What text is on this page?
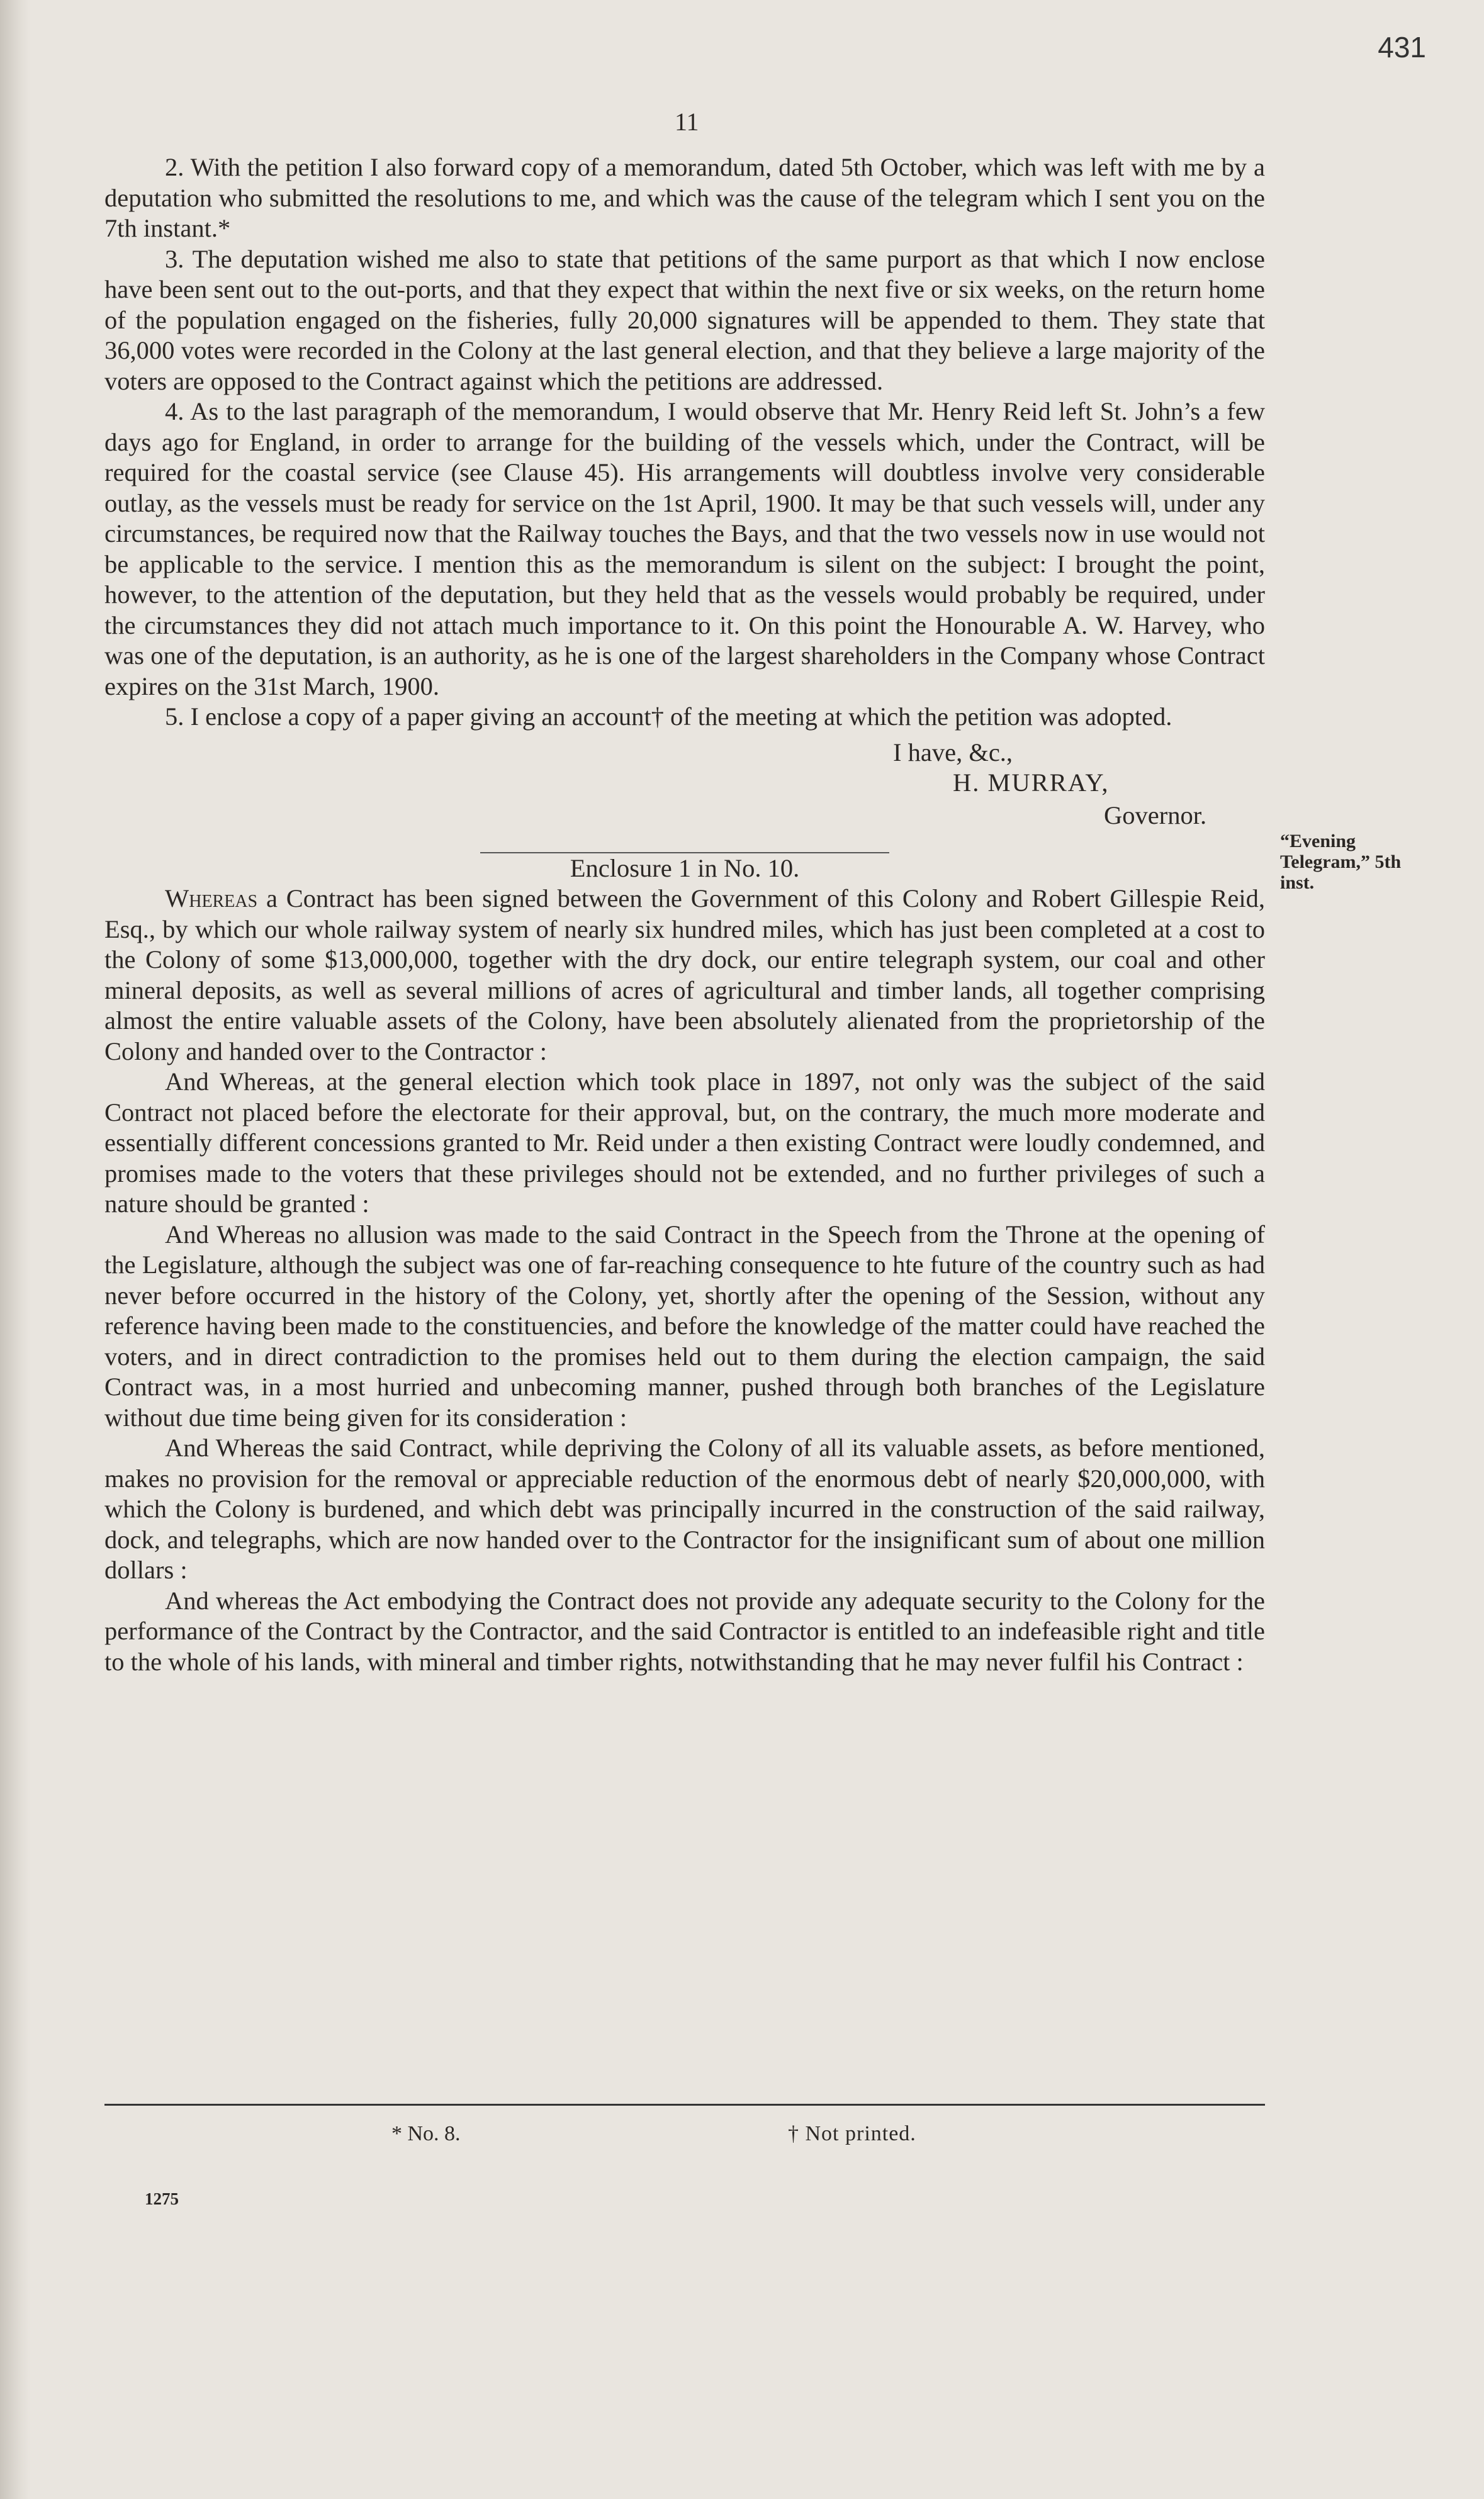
431
11

2. With the petition I also forward copy of a memorandum, dated 5th October, which was left with me by a deputation who submitted the resolutions to me, and which was the cause of the telegram which I sent you on the 7th instant.*

3. The deputation wished me also to state that petitions of the same purport as that which I now enclose have been sent out to the out-ports, and that they expect that within the next five or six weeks, on the return home of the population engaged on the fisheries, fully 20,000 signatures will be appended to them. They state that 36,000 votes were recorded in the Colony at the last general election, and that they believe a large majority of the voters are opposed to the Contract against which the petitions are addressed.

4. As to the last paragraph of the memorandum, I would observe that Mr. Henry Reid left St. John’s a few days ago for England, in order to arrange for the building of the vessels which, under the Contract, will be required for the coastal service (see Clause 45). His arrangements will doubtless involve very considerable outlay, as the vessels must be ready for service on the 1st April, 1900. It may be that such vessels will, under any circumstances, be required now that the Railway touches the Bays, and that the two vessels now in use would not be applicable to the service. I mention this as the memorandum is silent on the subject: I brought the point, however, to the attention of the deputation, but they held that as the vessels would probably be required, under the circumstances they did not attach much importance to it. On this point the Honourable A. W. Harvey, who was one of the deputation, is an authority, as he is one of the largest shareholders in the Company whose Contract expires on the 31st March, 1900.

5. I enclose a copy of a paper giving an account† of the meeting at which the petition was adopted.

I have, &c.,
H. MURRAY,
Governor.

Enclosure 1 in No. 10.

Whereas a Contract has been signed between the Government of this Colony and Robert Gillespie Reid, Esq., by which our whole railway system of nearly six hundred miles, which has just been completed at a cost to the Colony of some $13,000,000, together with the dry dock, our entire telegraph system, our coal and other mineral deposits, as well as several millions of acres of agricultural and timber lands, all together comprising almost the entire valuable assets of the Colony, have been absolutely alienated from the proprietorship of the Colony and handed over to the Contractor :

And Whereas, at the general election which took place in 1897, not only was the subject of the said Contract not placed before the electorate for their approval, but, on the contrary, the much more moderate and essentially different concessions granted to Mr. Reid under a then existing Contract were loudly condemned, and promises made to the voters that these privileges should not be extended, and no further privileges of such a nature should be granted :

And Whereas no allusion was made to the said Contract in the Speech from the Throne at the opening of the Legislature, although the subject was one of far-reaching consequence to hte future of the country such as had never before occurred in the history of the Colony, yet, shortly after the opening of the Session, without any reference having been made to the constituencies, and before the knowledge of the matter could have reached the voters, and in direct contradiction to the promises held out to them during the election campaign, the said Contract was, in a most hurried and unbecoming manner, pushed through both branches of the Legislature without due time being given for its consideration :

And Whereas the said Contract, while depriving the Colony of all its valuable assets, as before mentioned, makes no provision for the removal or appreciable reduction of the enormous debt of nearly $20,000,000, with which the Colony is burdened, and which debt was principally incurred in the construction of the said railway, dock, and telegraphs, which are now handed over to the Contractor for the insignificant sum of about one million dollars :

And whereas the Act embodying the Contract does not provide any adequate security to the Colony for the performance of the Contract by the Contractor, and the said Contractor is entitled to an indefeasible right and title to the whole of his lands, with mineral and timber rights, notwithstanding that he may never fulfil his Contract :

“Evening Telegram,” 5th inst.
* No. 8.	† Not printed.
1275
